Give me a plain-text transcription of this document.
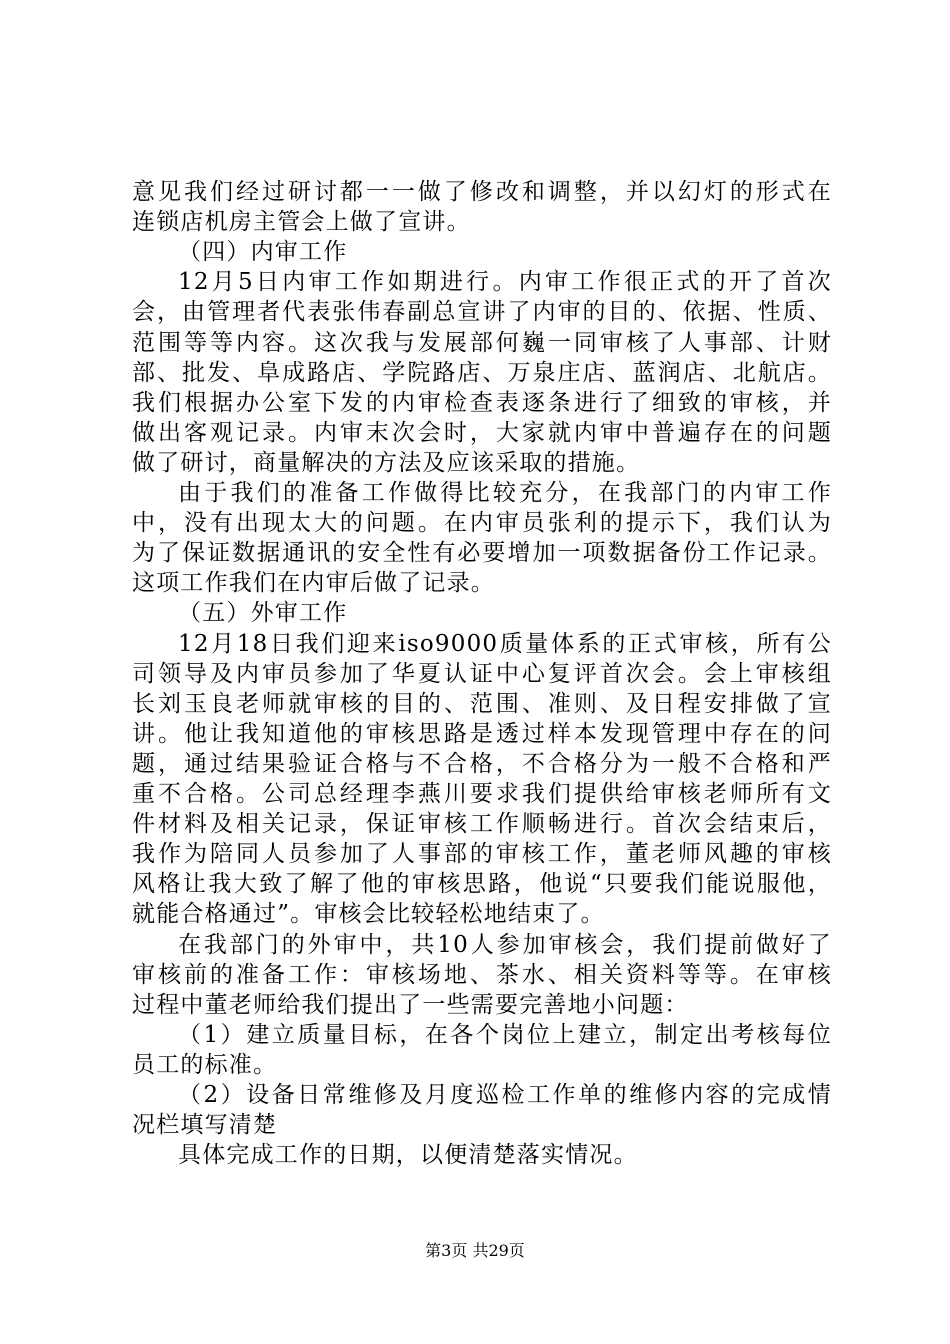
意见我们经过研讨都一一做了修改和调整，并以幻灯的形式在
连锁店机房主管会上做了宣讲。
（四）内审工作
12月5日内审工作如期进行。内审工作很正式的开了首次
会，由管理者代表张伟春副总宣讲了内审的目的、依据、性质、
范围等等内容。这次我与发展部何巍一同审核了人事部、计财
部、批发、阜成路店、学院路店、万泉庄店、蓝润店、北航店。
我们根据办公室下发的内审检查表逐条进行了细致的审核，并
做出客观记录。内审末次会时，大家就内审中普遍存在的问题
做了研讨，商量解决的方法及应该采取的措施。
由于我们的准备工作做得比较充分，在我部门的内审工作
中，没有出现太大的问题。在内审员张利的提示下，我们认为
为了保证数据通讯的安全性有必要增加一项数据备份工作记录。
这项工作我们在内审后做了记录。
（五）外审工作
12月18日我们迎来iso9000质量体系的正式审核，所有公
司领导及内审员参加了华夏认证中心复评首次会。会上审核组
长刘玉良老师就审核的目的、范围、准则、及日程安排做了宣
讲。他让我知道他的审核思路是透过样本发现管理中存在的问
题，通过结果验证合格与不合格，不合格分为一般不合格和严
重不合格。公司总经理李燕川要求我们提供给审核老师所有文
件材料及相关记录，保证审核工作顺畅进行。首次会结束后，
我作为陪同人员参加了人事部的审核工作，董老师风趣的审核
风格让我大致了解了他的审核思路，他说“只要我们能说服他，
就能合格通过”。审核会比较轻松地结束了。
在我部门的外审中，共10人参加审核会，我们提前做好了
审核前的准备工作：审核场地、茶水、相关资料等等。在审核
过程中董老师给我们提出了一些需要完善地小问题：
（1）建立质量目标，在各个岗位上建立，制定出考核每位
员工的标准。
（2）设备日常维修及月度巡检工作单的维修内容的完成情
况栏填写清楚
具体完成工作的日期，以便清楚落实情况。
第3页 共29页
